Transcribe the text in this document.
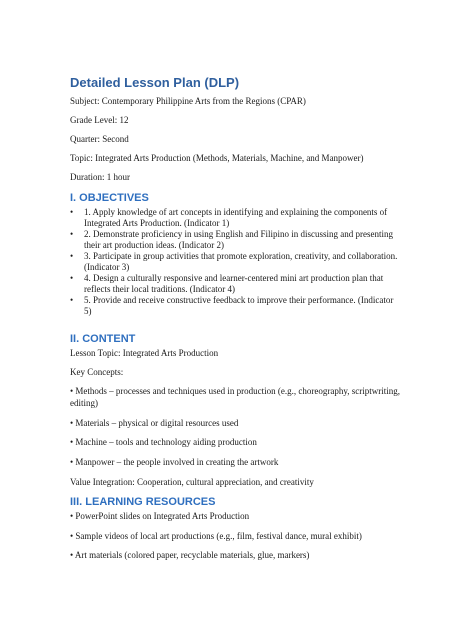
Detailed Lesson Plan (DLP)

Subject: Contemporary Philippine Arts from the Regions (CPAR)

Grade Level: 12

Quarter: Second

Topic: Integrated Arts Production (Methods, Materials, Machine, and Manpower)

Duration: 1 hour

I. OBJECTIVES
• 1. Apply knowledge of art concepts in identifying and explaining the components of Integrated Arts Production. (Indicator 1)
• 2. Demonstrate proficiency in using English and Filipino in discussing and presenting their art production ideas. (Indicator 2)
• 3. Participate in group activities that promote exploration, creativity, and collaboration. (Indicator 3)
• 4. Design a culturally responsive and learner-centered mini art production plan that reflects their local traditions. (Indicator 4)
• 5. Provide and receive constructive feedback to improve their performance. (Indicator 5)
II. CONTENT

Lesson Topic: Integrated Arts Production

Key Concepts:

• Methods – processes and techniques used in production (e.g., choreography, scriptwriting,

editing)

• Materials – physical or digital resources used

• Machine – tools and technology aiding production

• Manpower – the people involved in creating the artwork

Value Integration: Cooperation, cultural appreciation, and creativity

III. LEARNING RESOURCES

• PowerPoint slides on Integrated Arts Production

• Sample videos of local art productions (e.g., film, festival dance, mural exhibit)

• Art materials (colored paper, recyclable materials, glue, markers)
